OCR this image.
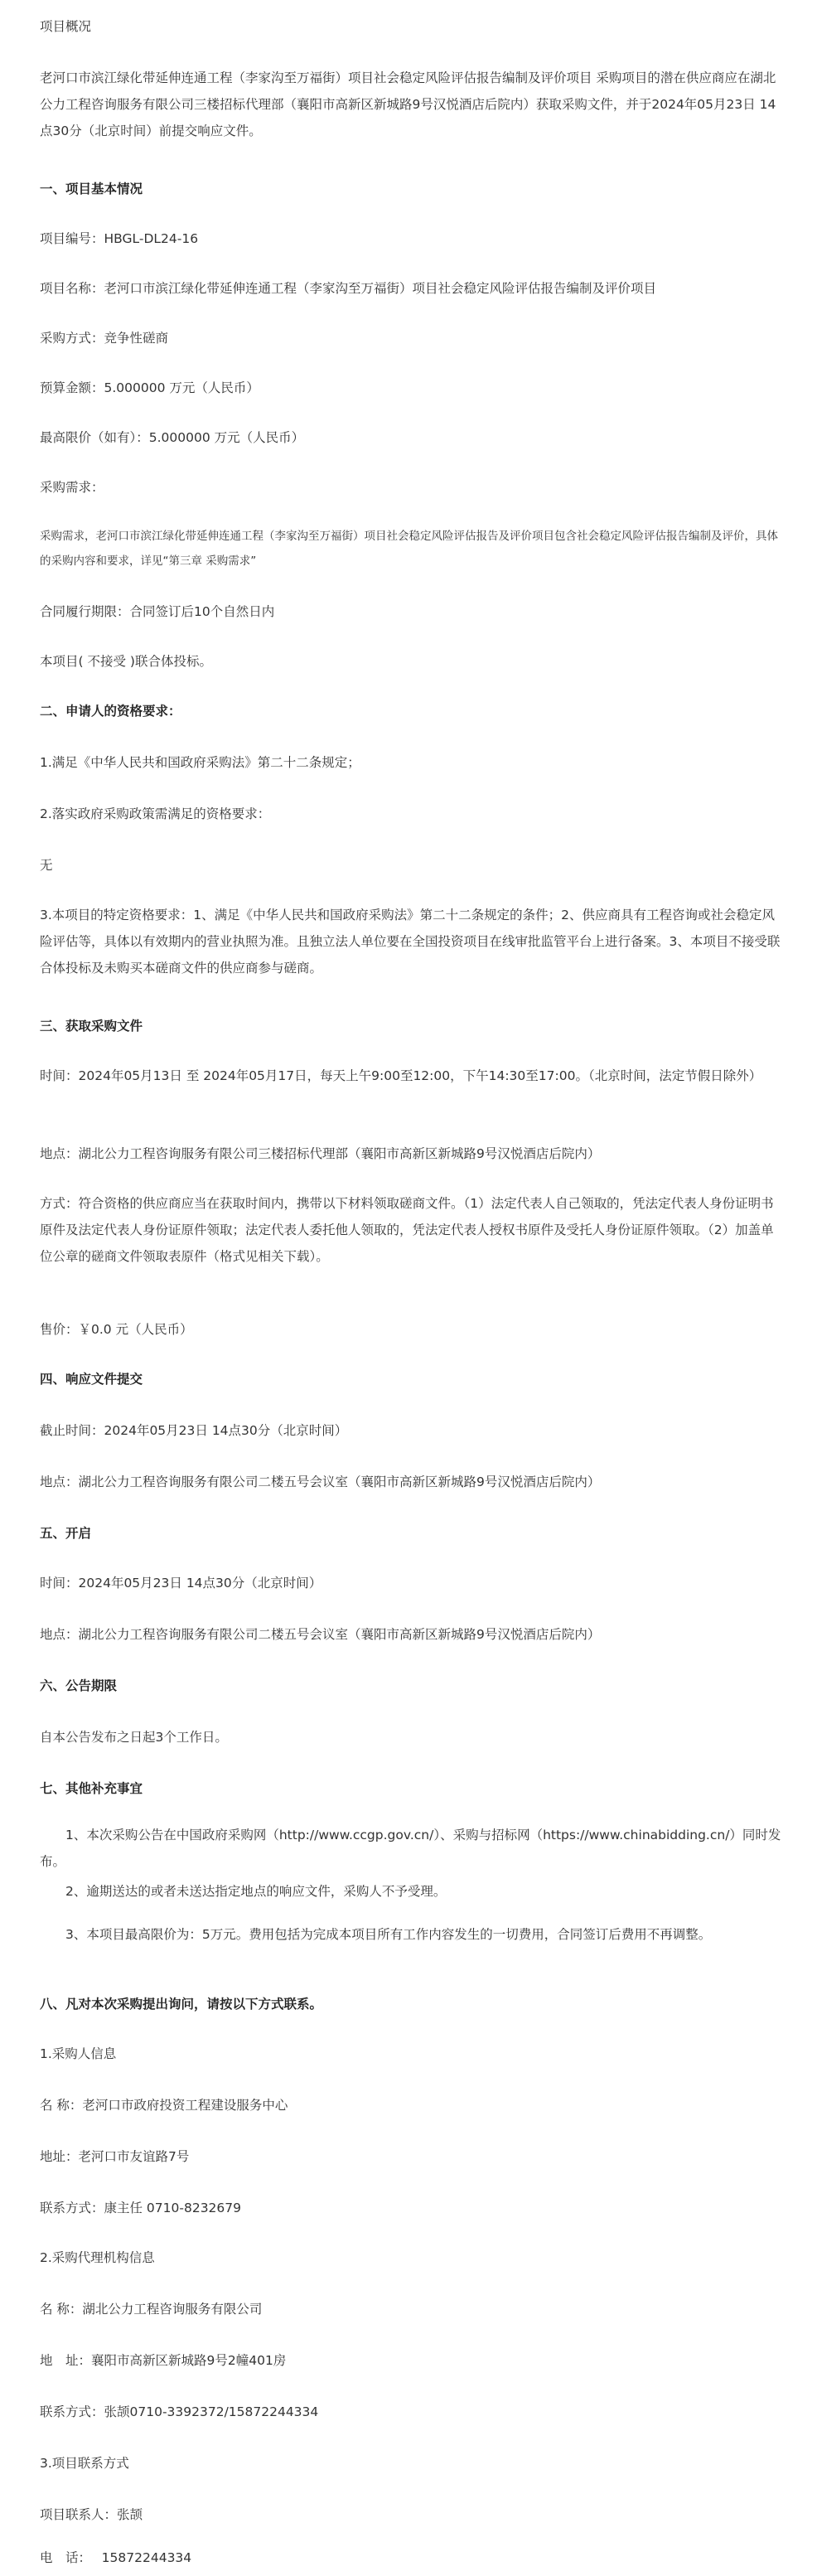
项目概况
老河口市滨江绿化带延伸连通工程（李家沟至万福街）项目社会稳定风险评估报告编制及评价项目 采购项目的潜在供应商应在湖北公力工程咨询服务有限公司三楼招标代理部（襄阳市高新区新城路9号汉悦酒店后院内）获取采购文件，并于2024年05月23日 14点30分（北京时间）前提交响应文件。
一、项目基本情况
项目编号：HBGL-DL24-16
项目名称：老河口市滨江绿化带延伸连通工程（李家沟至万福街）项目社会稳定风险评估报告编制及评价项目
采购方式：竞争性磋商
预算金额：5.000000 万元（人民币）
最高限价（如有）：5.000000 万元（人民币）
采购需求：
采购需求，老河口市滨江绿化带延伸连通工程（李家沟至万福街）项目社会稳定风险评估报告及评价项目包含社会稳定风险评估报告编制及评价，具体的采购内容和要求，详见“第三章 采购需求”
合同履行期限：合同签订后10个自然日内
本项目( 不接受 )联合体投标。
二、申请人的资格要求：
1.满足《中华人民共和国政府采购法》第二十二条规定；
2.落实政府采购政策需满足的资格要求：
无
3.本项目的特定资格要求：1、满足《中华人民共和国政府采购法》第二十二条规定的条件；2、供应商具有工程咨询或社会稳定风险评估等，具体以有效期内的营业执照为准。且独立法人单位要在全国投资项目在线审批监管平台上进行备案。3、本项目不接受联合体投标及未购买本磋商文件的供应商参与磋商。
三、获取采购文件
时间：2024年05月13日 至 2024年05月17日，每天上午9:00至12:00，下午14:30至17:00。（北京时间，法定节假日除外）
地点：湖北公力工程咨询服务有限公司三楼招标代理部（襄阳市高新区新城路9号汉悦酒店后院内）
方式：符合资格的供应商应当在获取时间内，携带以下材料领取磋商文件。（1）法定代表人自己领取的，凭法定代表人身份证明书原件及法定代表人身份证原件领取；法定代表人委托他人领取的，凭法定代表人授权书原件及受托人身份证原件领取。（2）加盖单位公章的磋商文件领取表原件（格式见相关下载）。
售价：￥0.0 元（人民币）
四、响应文件提交
截止时间：2024年05月23日 14点30分（北京时间）
地点：湖北公力工程咨询服务有限公司二楼五号会议室（襄阳市高新区新城路9号汉悦酒店后院内）
五、开启
时间：2024年05月23日 14点30分（北京时间）
地点：湖北公力工程咨询服务有限公司二楼五号会议室（襄阳市高新区新城路9号汉悦酒店后院内）
六、公告期限
自本公告发布之日起3个工作日。
七、其他补充事宜
1、本次采购公告在中国政府采购网（http://www.ccgp.gov.cn/）、采购与招标网（https://www.chinabidding.cn/）同时发布。
2、逾期送达的或者未送达指定地点的响应文件，采购人不予受理。
3、本项目最高限价为：5万元。费用包括为完成本项目所有工作内容发生的一切费用，合同签订后费用不再调整。
八、凡对本次采购提出询问，请按以下方式联系。
1.采购人信息
名 称：老河口市政府投资工程建设服务中心
地址：老河口市友谊路7号
联系方式：康主任 0710-8232679
2.采购代理机构信息
名 称：湖北公力工程咨询服务有限公司
地　址：襄阳市高新区新城路9号2幢401房
联系方式：张颉0710-3392372/15872244334
3.项目联系方式
项目联系人：张颉
电　话：　 15872244334
